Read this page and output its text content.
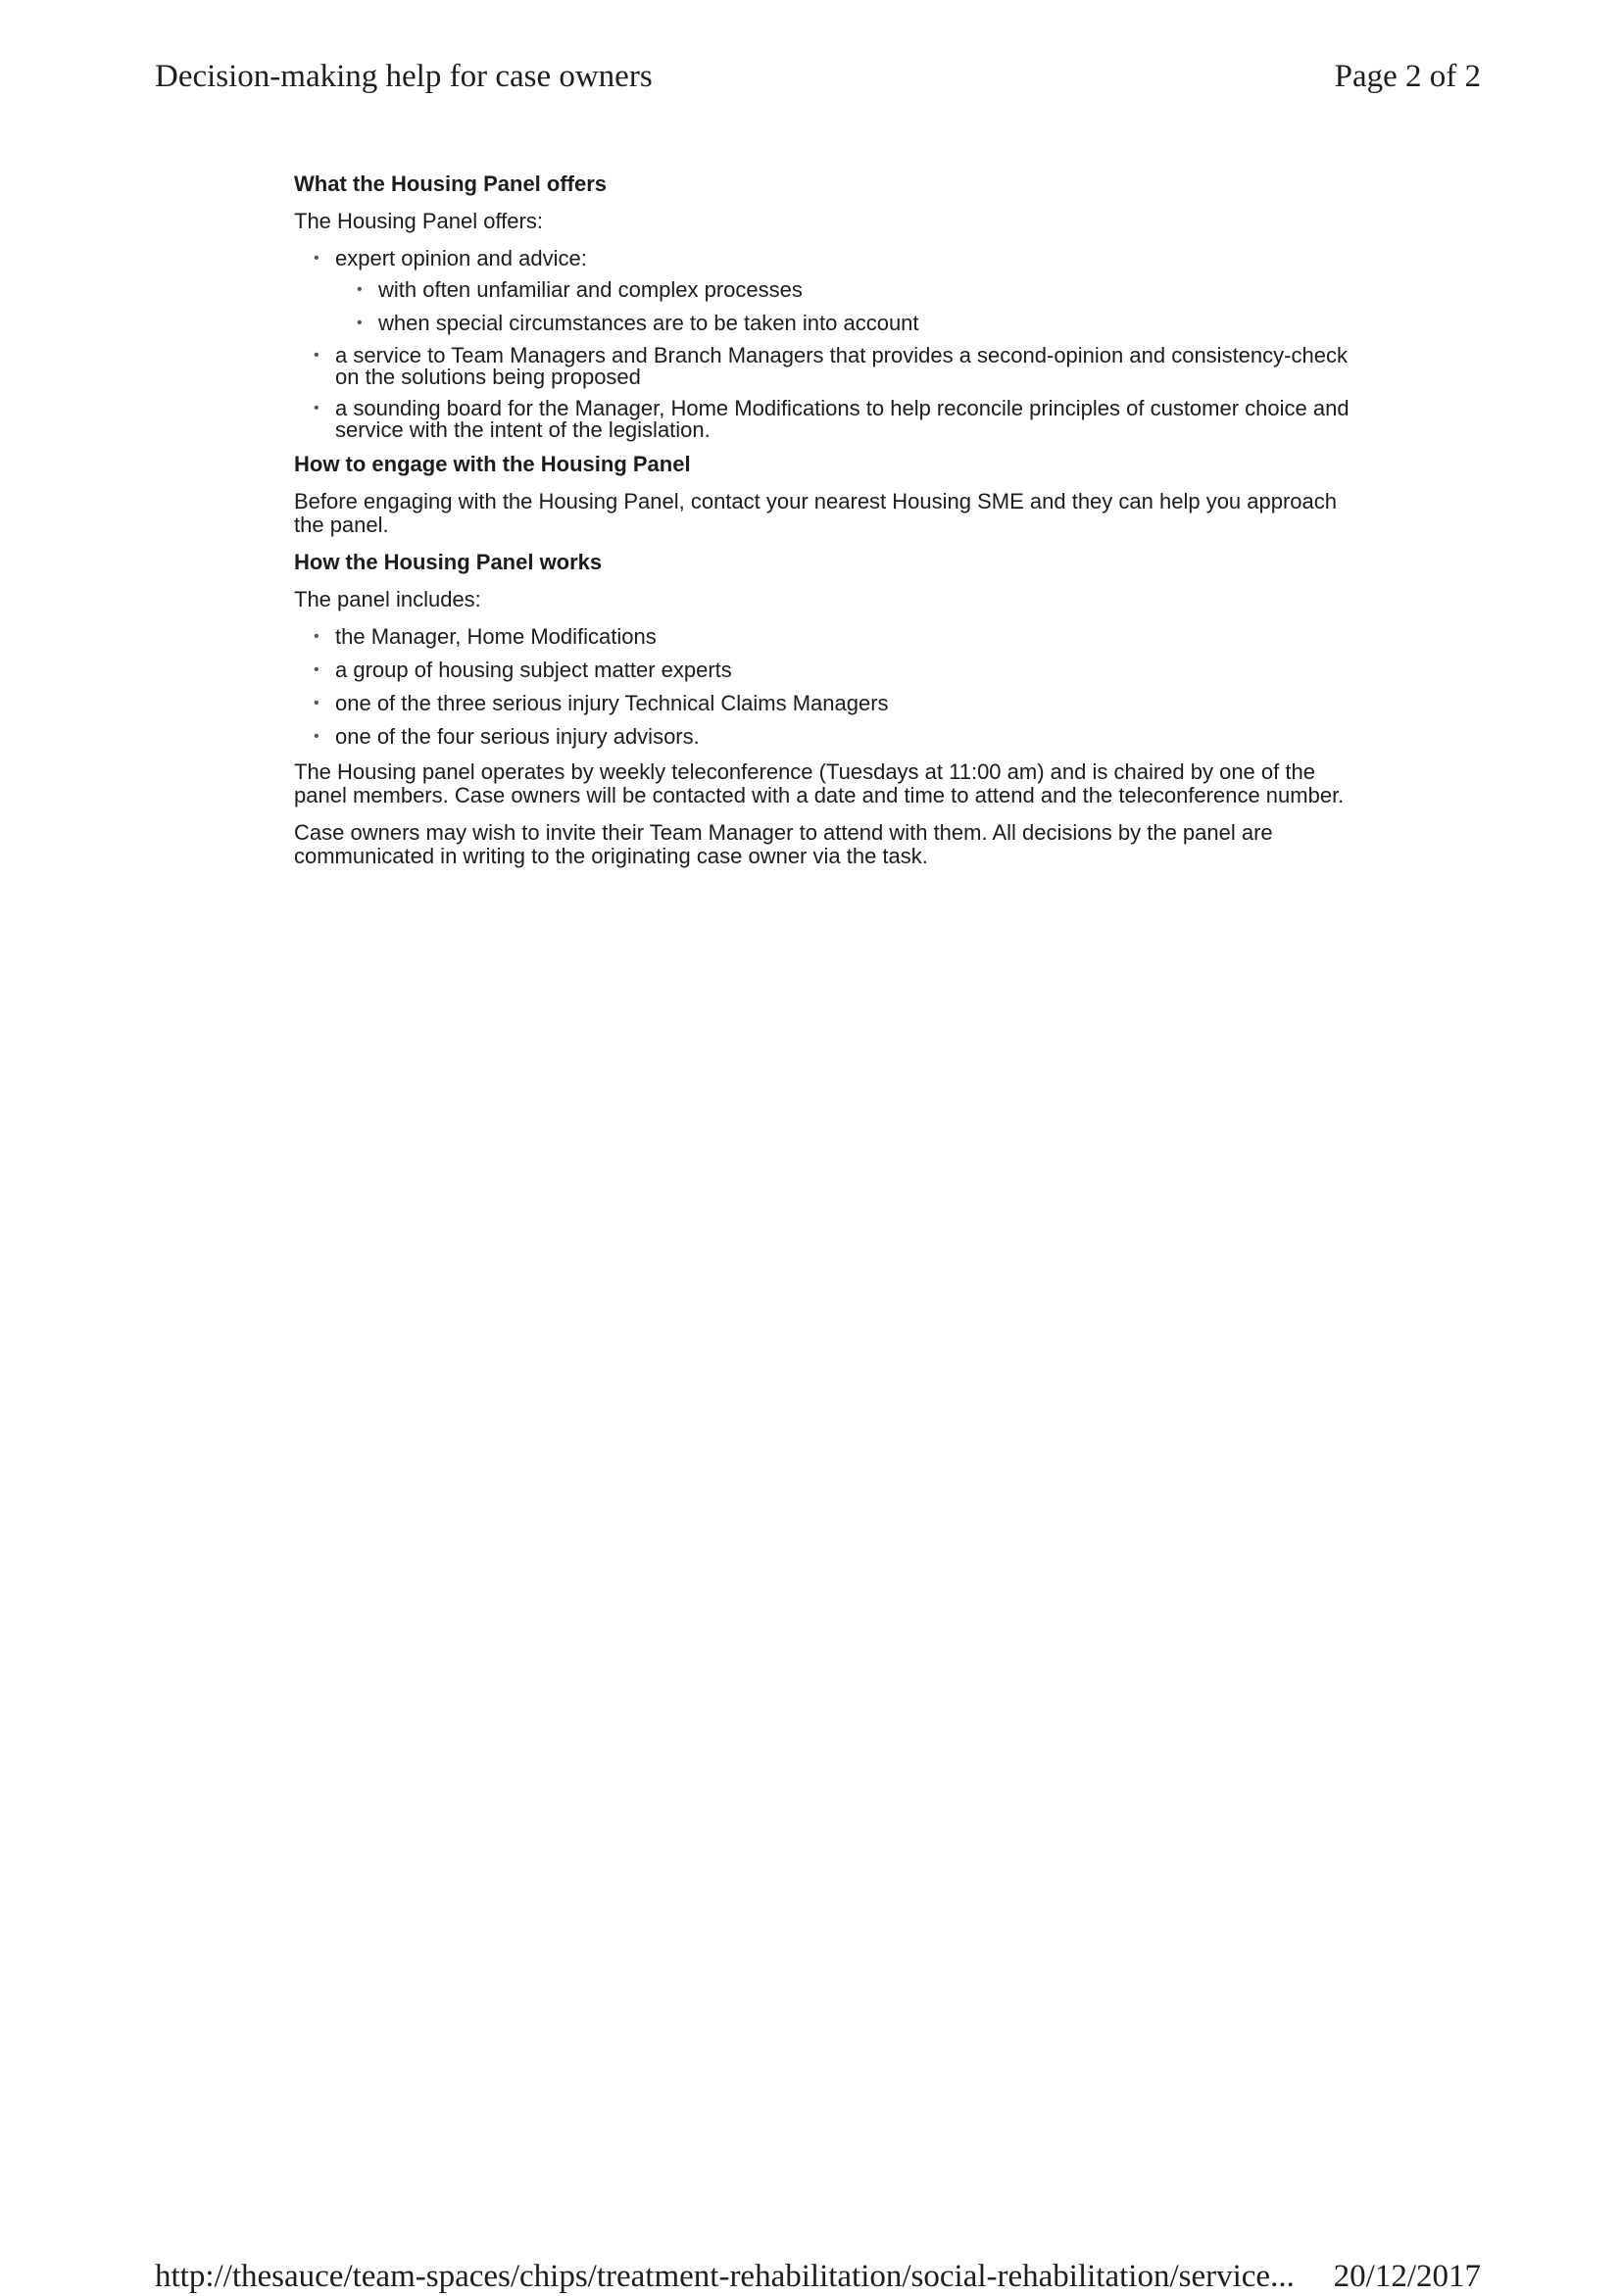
Decision-making help for case owners	Page 2 of 2
What the Housing Panel offers
The Housing Panel offers:
• expert opinion and advice:
• with often unfamiliar and complex processes
• when special circumstances are to be taken into account
• a service to Team Managers and Branch Managers that provides a second-opinion and consistency-check on the solutions being proposed
• a sounding board for the Manager, Home Modifications to help reconcile principles of customer choice and service with the intent of the legislation.
How to engage with the Housing Panel
Before engaging with the Housing Panel, contact your nearest Housing SME and they can help you approach the panel.
How the Housing Panel works
The panel includes:
• the Manager, Home Modifications
• a group of housing subject matter experts
• one of the three serious injury Technical Claims Managers
• one of the four serious injury advisors.
The Housing panel operates by weekly teleconference (Tuesdays at 11:00 am) and is chaired by one of the panel members. Case owners will be contacted with a date and time to attend and the teleconference number.
Case owners may wish to invite their Team Manager to attend with them. All decisions by the panel are communicated in writing to the originating case owner via the task.
http://thesauce/team-spaces/chips/treatment-rehabilitation/social-rehabilitation/service... 20/12/2017
